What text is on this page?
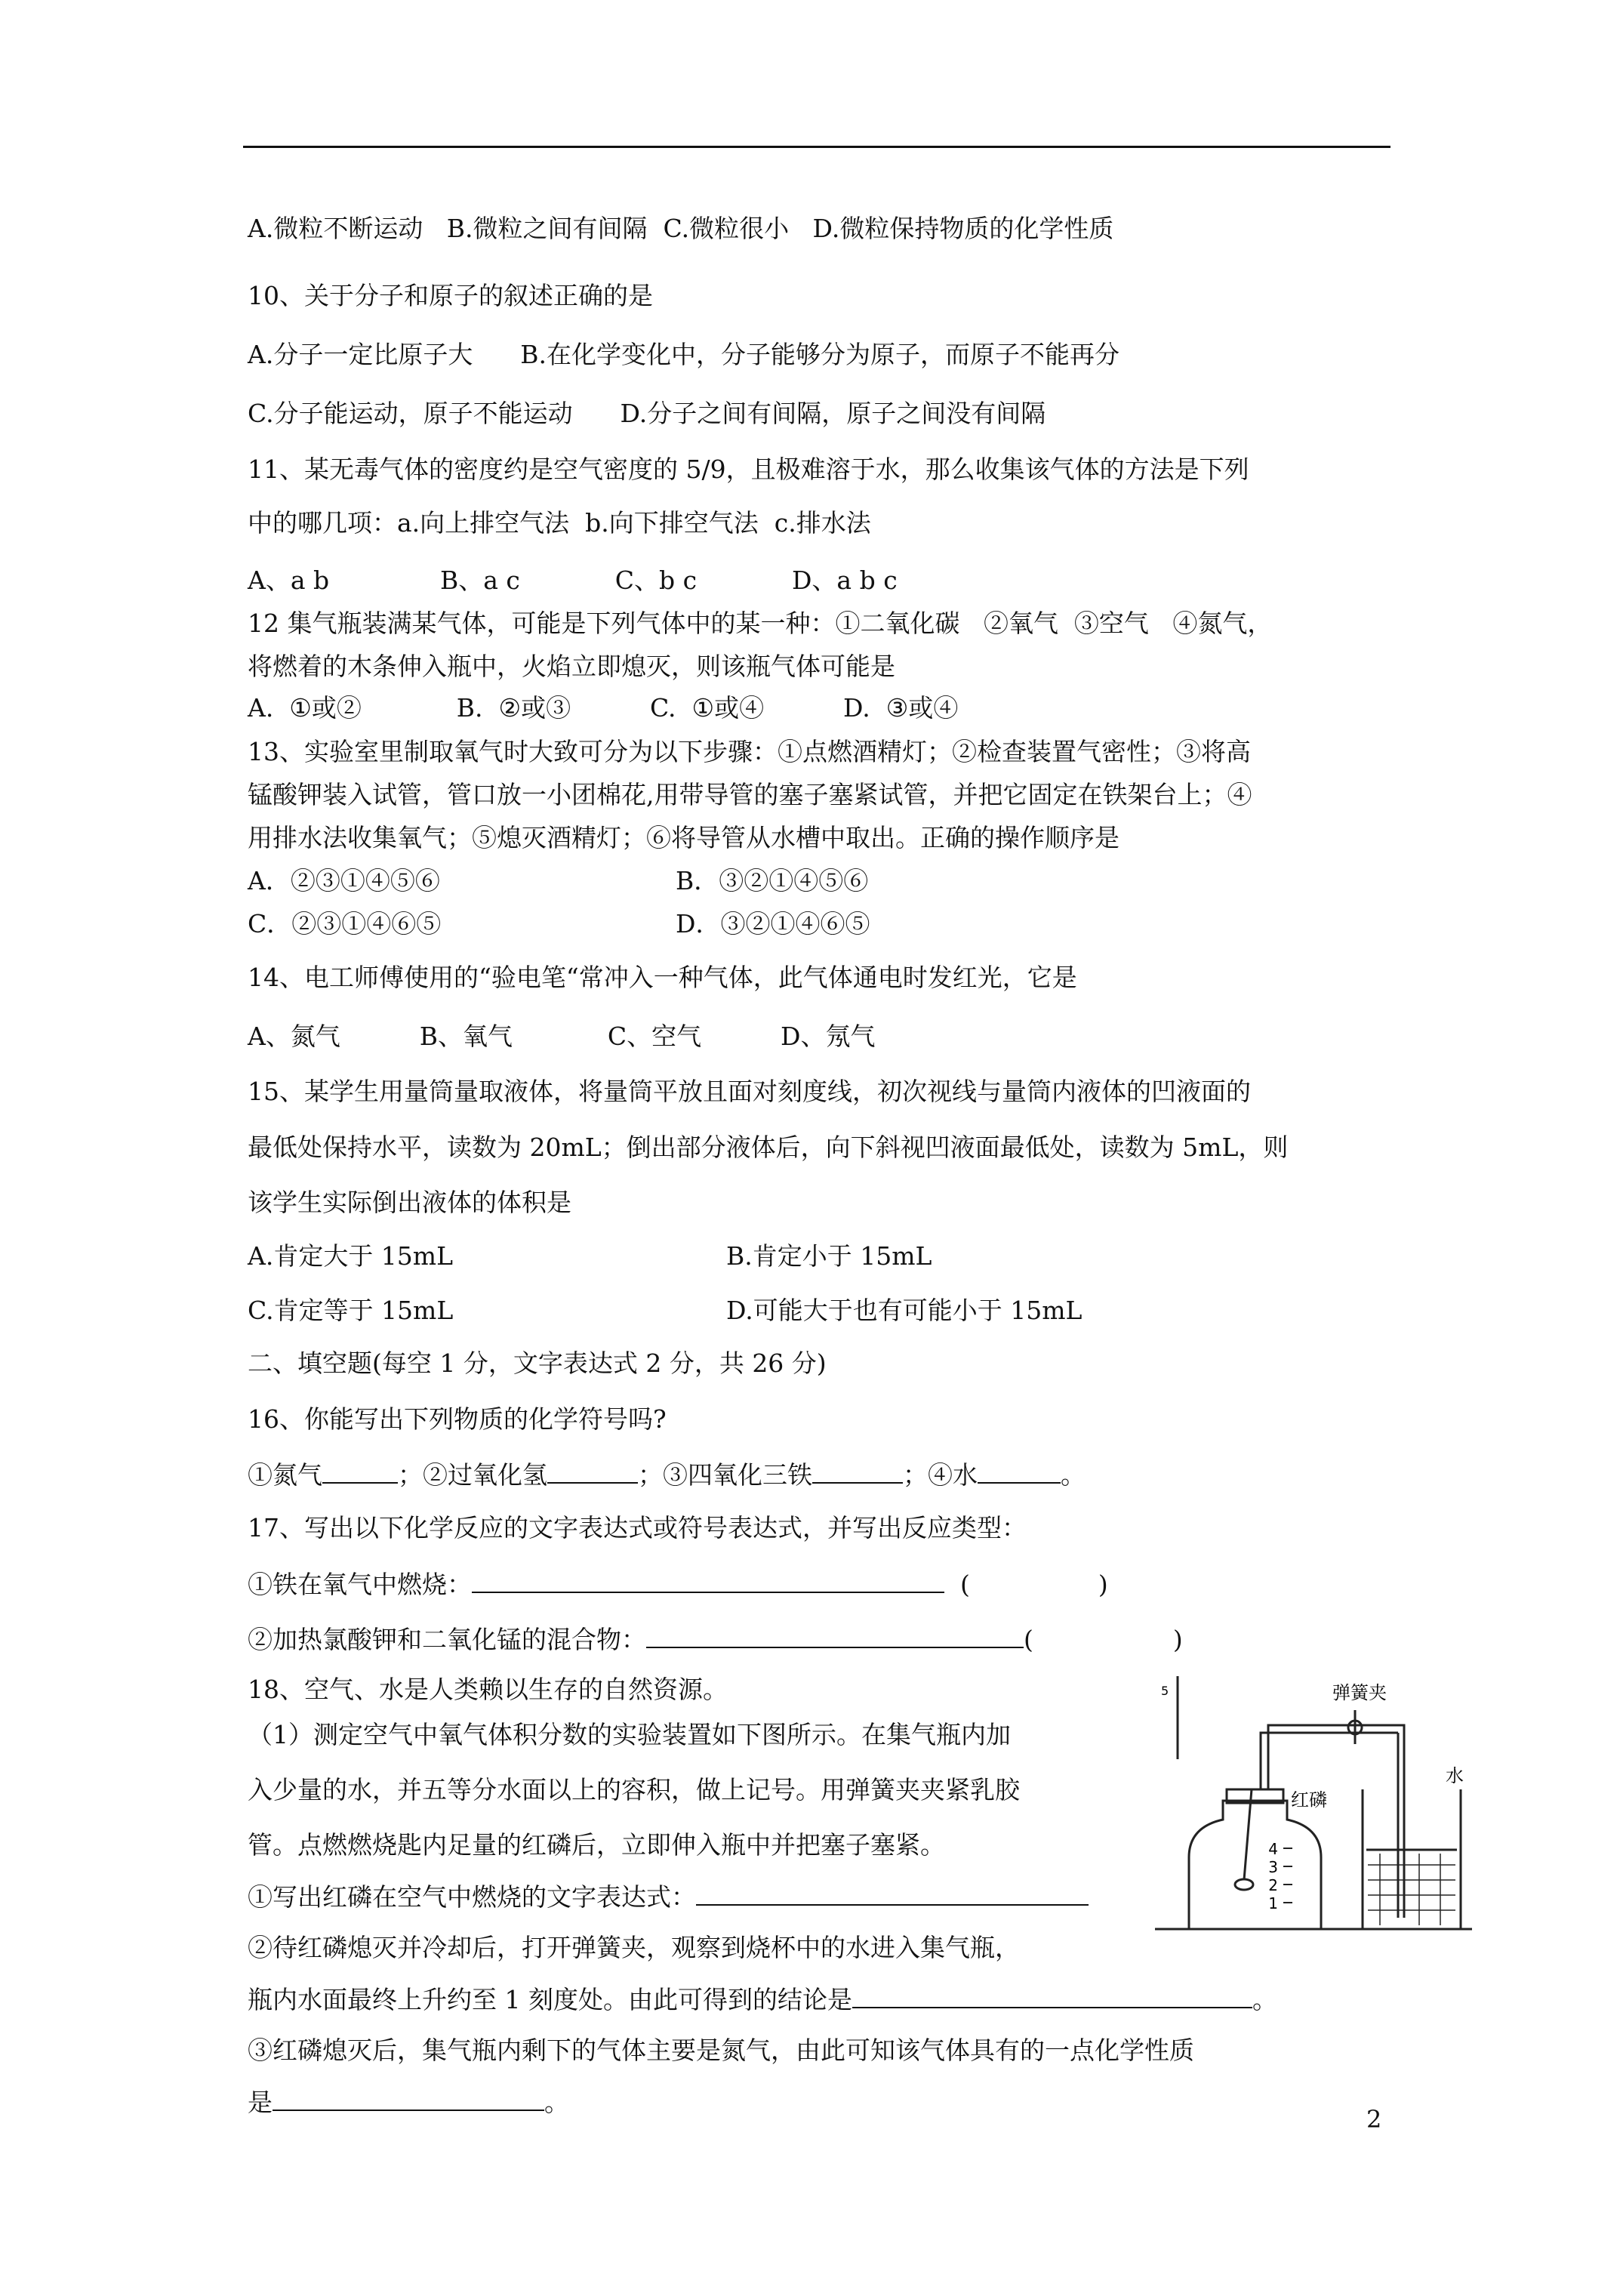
A.微粒不断运动   B.微粒之间有间隔  C.微粒很小   D.微粒保持物质的化学性质
10、关于分子和原子的叙述正确的是
A.分子一定比原子大      B.在化学变化中，分子能够分为原子，而原子不能再分
C.分子能运动，原子不能运动      D.分子之间有间隔，原子之间没有间隔
11、某无毒气体的密度约是空气密度的 5/9，且极难溶于水，那么收集该气体的方法是下列
中的哪几项：a.向上排空气法  b.向下排空气法  c.排水法
A、a b              B、a c            C、b c            D、a b c
12 集气瓶装满某气体，可能是下列气体中的某一种：①二氧化碳   ②氧气  ③空气   ④氮气，
将燃着的木条伸入瓶中，火焰立即熄灭，则该瓶气体可能是
A.  ①或②            B.  ②或③          C.  ①或④          D.  ③或④
13、实验室里制取氧气时大致可分为以下步骤：①点燃酒精灯；②检查装置气密性；③将高
锰酸钾装入试管，管口放一小团棉花,用带导管的塞子塞紧试管，并把它固定在铁架台上；④
用排水法收集氧气；⑤熄灭酒精灯；⑥将导管从水槽中取出。正确的操作顺序是
A．②③①④⑤⑥	B．③②①④⑤⑥
C．②③①④⑥⑤	D．③②①④⑥⑤
14、电工师傅使用的“验电笔“常冲入一种气体，此气体通电时发红光，它是
A、氮气          B、氧气            C、空气          D、氖气
15、某学生用量筒量取液体，将量筒平放且面对刻度线，初次视线与量筒内液体的凹液面的
最低处保持水平，读数为 20mL；倒出部分液体后，向下斜视凹液面最低处，读数为 5mL，则
该学生实际倒出液体的体积是
A.肯定大于 15mL	B.肯定小于 15mL
C.肯定等于 15mL	D.可能大于也有可能小于 15mL
二、填空题(每空 1 分，文字表达式 2 分，共 26 分)
16、你能写出下列物质的化学符号吗?
①氮气	；②过氧化氢	；③四氧化三铁	；④水	。
17、写出以下化学反应的文字表达式或符号表达式，并写出反应类型：
①铁在氧气中燃烧：	(	)
②加热氯酸钾和二氧化锰的混合物：	(	)
18、空气、水是人类赖以生存的自然资源。
（1）测定空气中氧气体积分数的实验装置如下图所示。在集气瓶内加
入少量的水，并五等分水面以上的容积，做上记号。用弹簧夹夹紧乳胶
管。点燃燃烧匙内足量的红磷后，立即伸入瓶中并把塞子塞紧。
①写出红磷在空气中燃烧的文字表达式：
②待红磷熄灭并冷却后，打开弹簧夹，观察到烧杯中的水进入集气瓶，
瓶内水面最终上升约至 1 刻度处。由此可得到的结论是	。
③红磷熄灭后，集气瓶内剩下的气体主要是氮气，由此可知该气体具有的一点化学性质
是	。
4
3
2
1
弹簧夹
红磷
水
5
2
